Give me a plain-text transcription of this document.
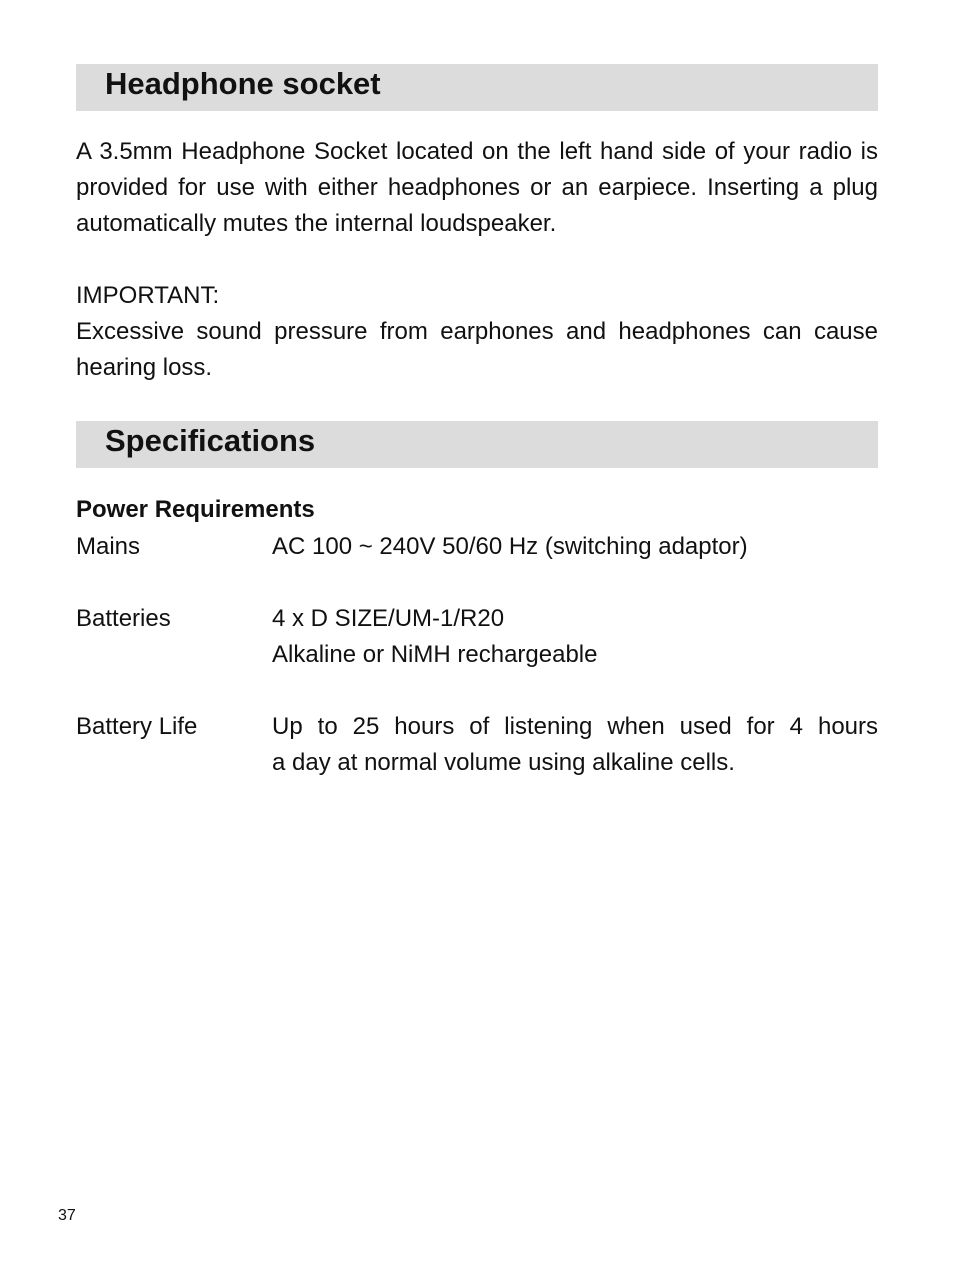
Headphone socket

A 3.5mm Headphone Socket located on the left hand side of your radio is provided for use with either headphones or an earpiece. Inserting a plug automatically mutes the internal loudspeaker.

IMPORTANT:

Excessive sound pressure from earphones and headphones can cause hearing loss.

Specifications

Power Requirements

Mains	AC 100 ~ 240V 50/60 Hz (switching adaptor)
Batteries	4 x D SIZE/UM-1/R20
Alkaline or NiMH rechargeable
Battery Life	Up to 25 hours of listening when used for 4 hours
a day at normal volume using alkaline cells.
37
